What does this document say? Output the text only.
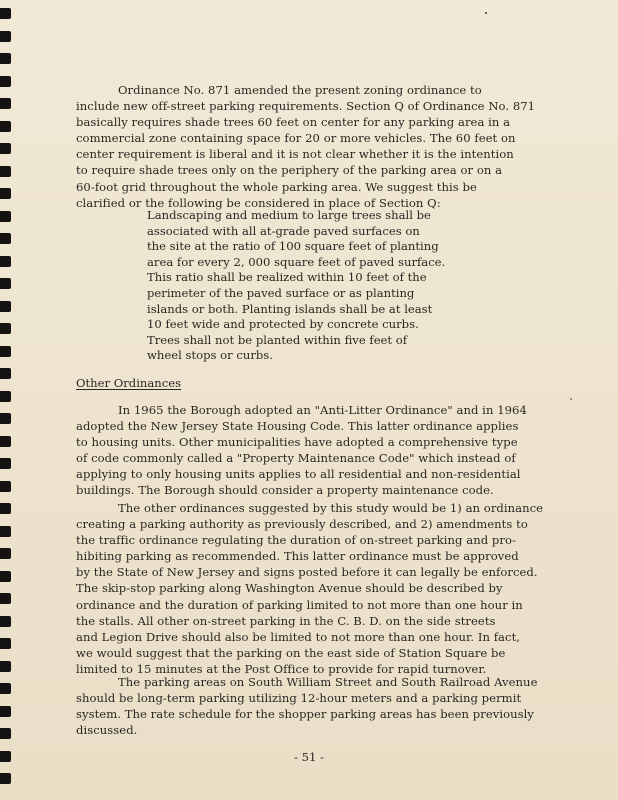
Ordinance No. 871 amended the present zoning ordinance to
include new off-street parking requirements. Section Q of Ordinance No. 871
basically requires shade trees 60 feet on center for any parking area in a
commercial zone containing space for 20 or more vehicles. The 60 feet on
center requirement is liberal and it is not clear whether it is the intention
to require shade trees only on the periphery of the parking area or on a
60-foot grid throughout the whole parking area. We suggest this be
clarified or the following be considered in place of Section Q:
Landscaping and medium to large trees shall be
associated with all at-grade paved surfaces on
the site at the ratio of 100 square feet of planting
area for every 2, 000 square feet of paved surface.
This ratio shall be realized within 10 feet of the
perimeter of the paved surface or as planting
islands or both. Planting islands shall be at least
10 feet wide and protected by concrete curbs.
Trees shall not be planted within five feet of
wheel stops or curbs.
Other Ordinances
In 1965 the Borough adopted an "Anti-Litter Ordinance" and in 1964
adopted the New Jersey State Housing Code. This latter ordinance applies
to housing units. Other municipalities have adopted a comprehensive type
of code commonly called a "Property Maintenance Code" which instead of
applying to only housing units applies to all residential and non-residential
buildings. The Borough should consider a property maintenance code.
The other ordinances suggested by this study would be 1) an ordinance
creating a parking authority as previously described, and 2) amendments to
the traffic ordinance regulating the duration of on-street parking and pro-
hibiting parking as recommended. This latter ordinance must be approved
by the State of New Jersey and signs posted before it can legally be enforced.
The skip-stop parking along Washington Avenue should be described by
ordinance and the duration of parking limited to not more than one hour in
the stalls. All other on-street parking in the C. B. D. on the side streets
and Legion Drive should also be limited to not more than one hour. In fact,
we would suggest that the parking on the east side of Station Square be
limited to 15 minutes at the Post Office to provide for rapid turnover.
The parking areas on South William Street and South Railroad Avenue
should be long-term parking utilizing 12-hour meters and a parking permit
system. The rate schedule for the shopper parking areas has been previously
discussed.
- 51 -
